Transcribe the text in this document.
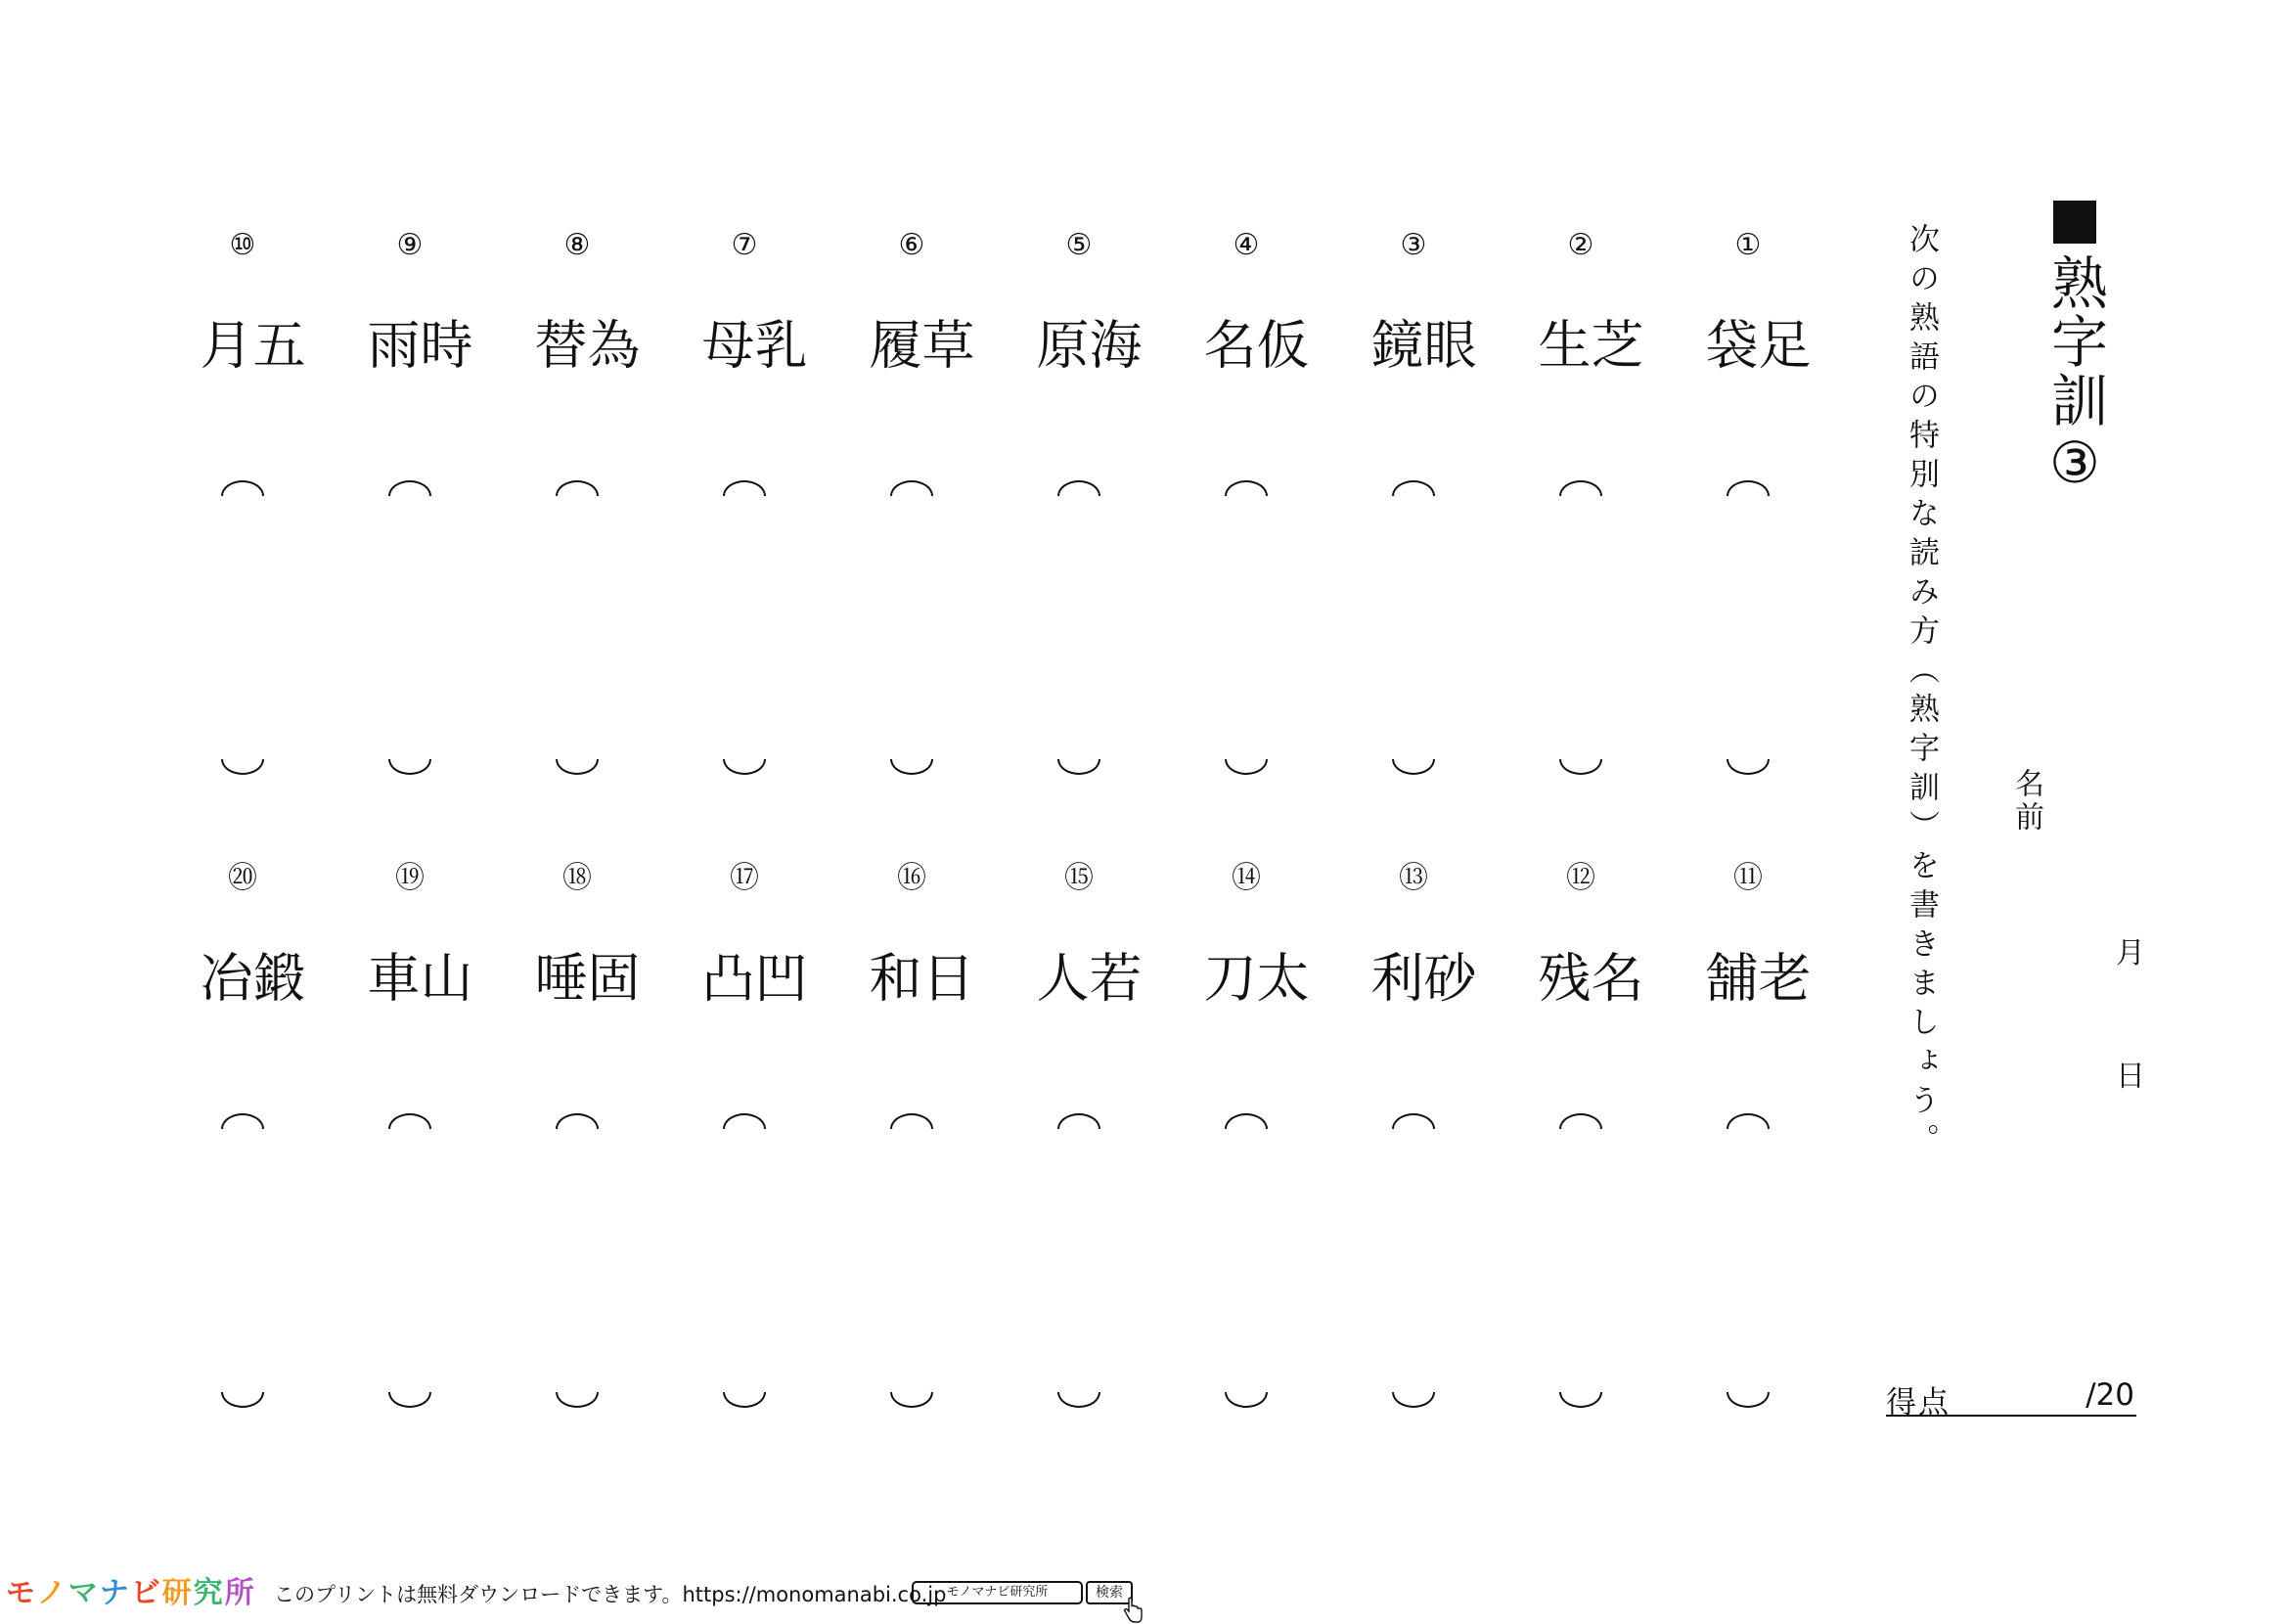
熟字訓③
次の熟語の特別な読み方（熟字訓）を書きましょう。 名前
月
日
得点	/20
①
足袋
②
芝生
③
眼鏡
④
仮名
⑤
海原
⑥
草履
⑦
乳母
⑧
為替
⑨
時雨
⑩
五月
⑪
老舗
⑫
名残
⑬
砂利
⑭
太刀
⑮
若人
⑯
日和
⑰
凹凸
⑱
固唾
⑲
山車
⑳
鍛冶
モノマナビ研究所 このプリントは無料ダウンロードできます。https://monomanabi.co.jp モノマナビ研究所	検索
